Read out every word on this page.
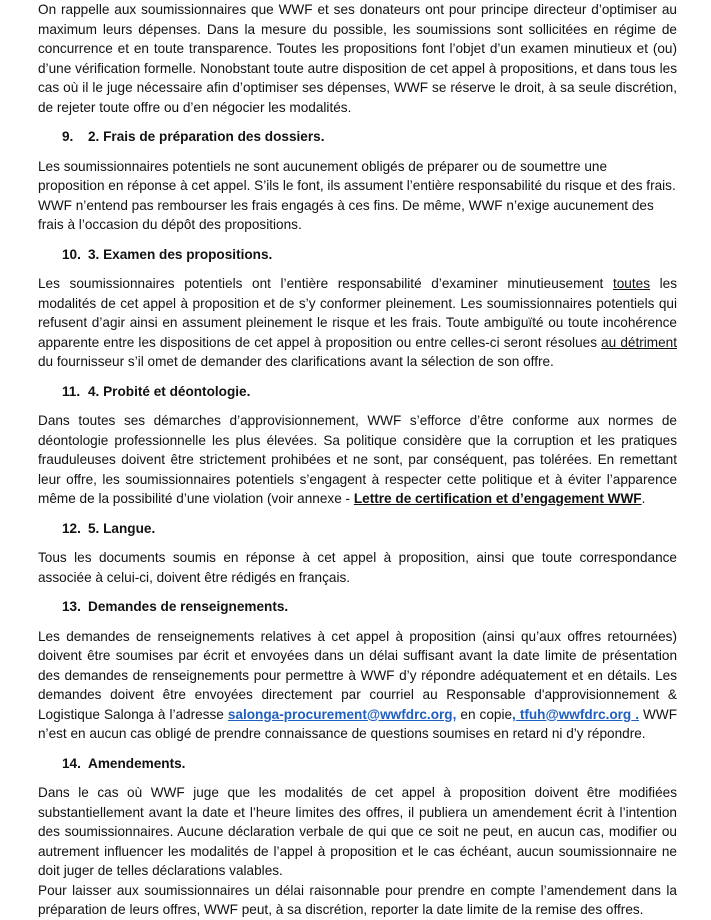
On rappelle aux soumissionnaires que WWF et ses donateurs ont pour principe directeur d’optimiser au maximum leurs dépenses. Dans la mesure du possible, les soumissions sont sollicitées en régime de concurrence et en toute transparence. Toutes les propositions font l’objet d’un examen minutieux et (ou) d’une vérification formelle. Nonobstant toute autre disposition de cet appel à propositions, et dans tous les cas où il le juge nécessaire afin d’optimiser ses dépenses, WWF se réserve le droit, à sa seule discrétion, de rejeter toute offre ou d’en négocier les modalités.

9. 2. Frais de préparation des dossiers.

Les soumissionnaires potentiels ne sont aucunement obligés de préparer ou de soumettre une proposition en réponse à cet appel. S’ils le font, ils assument l’entière responsabilité du risque et des frais. WWF n’entend pas rembourser les frais engagés à ces fins. De même, WWF n’exige aucunement des frais à l’occasion du dépôt des propositions.

10. 3. Examen des propositions.

Les soumissionnaires potentiels ont l’entière responsabilité d’examiner minutieusement toutes les modalités de cet appel à proposition et de s’y conformer pleinement. Les soumissionnaires potentiels qui refusent d’agir ainsi en assument pleinement le risque et les frais. Toute ambiguïté ou toute incohérence apparente entre les dispositions de cet appel à proposition ou entre celles-ci seront résolues au détriment du fournisseur s’il omet de demander des clarifications avant la sélection de son offre.

11. 4. Probité et déontologie.

Dans toutes ses démarches d’approvisionnement, WWF s’efforce d’être conforme aux normes de déontologie professionnelle les plus élevées. Sa politique considère que la corruption et les pratiques frauduleuses doivent être strictement prohibées et ne sont, par conséquent, pas tolérées. En remettant leur offre, les soumissionnaires potentiels s’engagent à respecter cette politique et à éviter l’apparence même de la possibilité d’une violation (voir annexe - Lettre de certification et d’engagement WWF.

12. 5. Langue.

Tous les documents soumis en réponse à cet appel à proposition, ainsi que toute correspondance associée à celui-ci, doivent être rédigés en français.

13. Demandes de renseignements.

Les demandes de renseignements relatives à cet appel à proposition (ainsi qu’aux offres retournées) doivent être soumises par écrit et envoyées dans un délai suffisant avant la date limite de présentation des demandes de renseignements pour permettre à WWF d’y répondre adéquatement et en détails. Les demandes doivent être envoyées directement par courriel au Responsable d'approvisionnement & Logistique Salonga à l’adresse salonga-procurement@wwfdrc.org, en copie, tfuh@wwfdrc.org . WWF n’est en aucun cas obligé de prendre connaissance de questions soumises en retard ni d’y répondre.

14. Amendements.

Dans le cas où WWF juge que les modalités de cet appel à proposition doivent être modifiées substantiellement avant la date et l’heure limites des offres, il publiera un amendement écrit à l’intention des soumissionnaires. Aucune déclaration verbale de qui que ce soit ne peut, en aucun cas, modifier ou autrement influencer les modalités de l’appel à proposition et le cas échéant, aucun soumissionnaire ne doit juger de telles déclarations valables.

Pour laisser aux soumissionnaires un délai raisonnable pour prendre en compte l’amendement dans la préparation de leurs offres, WWF peut, à sa discrétion, reporter la date limite de la remise des offres.
